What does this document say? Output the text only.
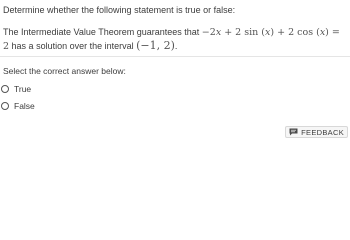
Determine whether the following statement is true or false:
The Intermediate Value Theorem guarantees that −2x + 2 sin (x) + 2 cos (x) = 2 has a solution over the interval (−1, 2).
Select the correct answer below:
True
False
FEEDBACK
